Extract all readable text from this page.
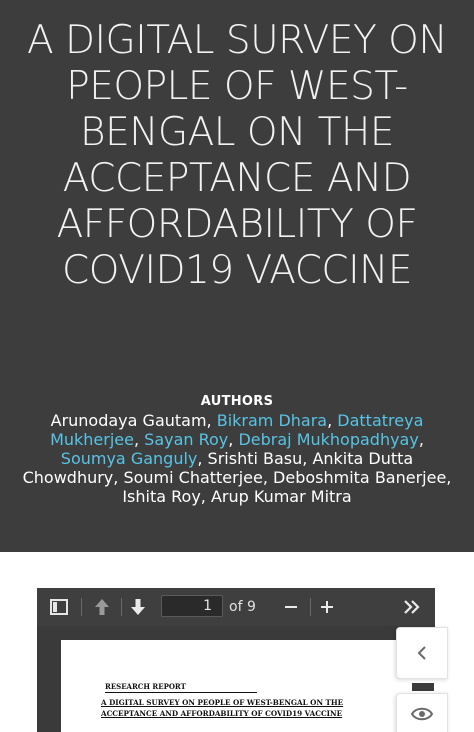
A DIGITAL SURVEY ON PEOPLE OF WEST-BENGAL ON THE ACCEPTANCE AND AFFORDABILITY OF COVID19 VACCINE
AUTHORS
Arunodaya Gautam, Bikram Dhara, Dattatreya Mukherjee, Sayan Roy, Debraj Mukhopadhyay, Soumya Ganguly, Srishti Basu, Ankita Dutta Chowdhury, Soumi Chatterjee, Deboshmita Banerjee, Ishita Roy, Arup Kumar Mitra
1
of 9
RESEARCH REPORT
A DIGITAL SURVEY ON PEOPLE OF WEST-BENGAL ON THE ACCEPTANCE AND AFFORDABILITY OF COVID19 VACCINE
